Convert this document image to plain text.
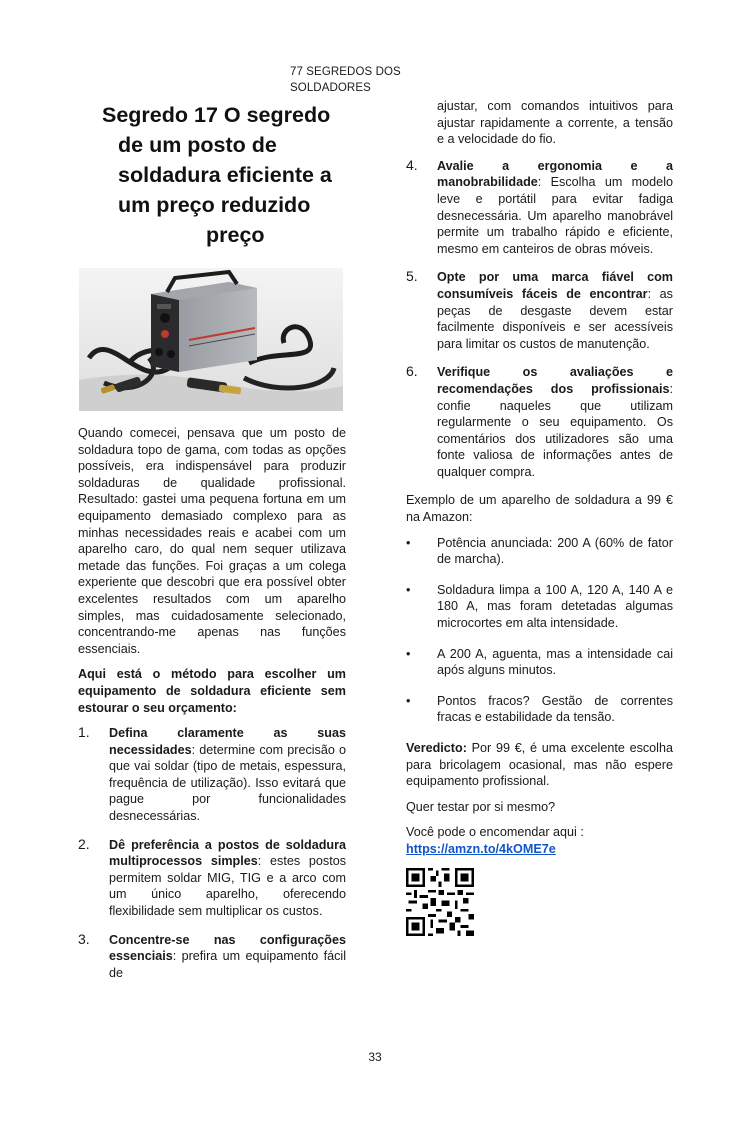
77 SEGREDOS DOS SOLDADORES
Segredo 17 O segredo
de um posto de
soldadura eficiente a
um preço reduzido
preço

Quando comecei, pensava que um posto de soldadura topo de gama, com todas as opções possíveis, era indispensável para produzir soldaduras de qualidade profissional. Resultado: gastei uma pequena fortuna em um equipamento demasiado complexo para as minhas necessidades reais e acabei com um aparelho caro, do qual nem sequer utilizava metade das funções. Foi graças a um colega experiente que descobri que era possível obter excelentes resultados com um aparelho simples, mas cuidadosamente selecionado, concentrando-me apenas nas funções essenciais.

Aqui está o método para escolher um equipamento de soldadura eficiente sem estourar o seu orçamento:

1. Defina claramente as suas necessidades: determine com precisão o que vai soldar (tipo de metais, espessura, frequência de utilização). Isso evitará que pague por funcionalidades desnecessárias.
2. Dê preferência a postos de soldadura multiprocessos simples: estes postos permitem soldar MIG, TIG e a arco com um único aparelho, oferecendo flexibilidade sem multiplicar os custos.
3. Concentre-se nas configurações essenciais: prefira um equipamento fácil de
ajustar, com comandos intuitivos para ajustar rapidamente a corrente, a tensão e a velocidade do fio.
4. Avalie a ergonomia e a manobrabilidade: Escolha um modelo leve e portátil para evitar fadiga desnecessária. Um aparelho manobrável permite um trabalho rápido e eficiente, mesmo em canteiros de obras móveis.
5. Opte por uma marca fiável com consumíveis fáceis de encontrar: as peças de desgaste devem estar facilmente disponíveis e ser acessíveis para limitar os custos de manutenção.
6. Verifique os avaliações e recomendações dos profissionais: confie naqueles que utilizam regularmente o seu equipamento. Os comentários dos utilizadores são uma fonte valiosa de informações antes de qualquer compra.

Exemplo de um aparelho de soldadura a 99 € na Amazon:

• Potência anunciada: 200 A (60% de fator de marcha).
• Soldadura limpa a 100 A, 120 A, 140 A e 180 A, mas foram detetadas algumas microcortes em alta intensidade.
• A 200 A, aguenta, mas a intensidade cai após alguns minutos.
• Pontos fracos? Gestão de correntes fracas e estabilidade da tensão.

Veredicto: Por 99 €, é uma excelente escolha para bricolagem ocasional, mas não espere equipamento profissional.

Quer testar por si mesmo?

Você pode o encomendar aqui :

https://amzn.to/4kOME7e
33
